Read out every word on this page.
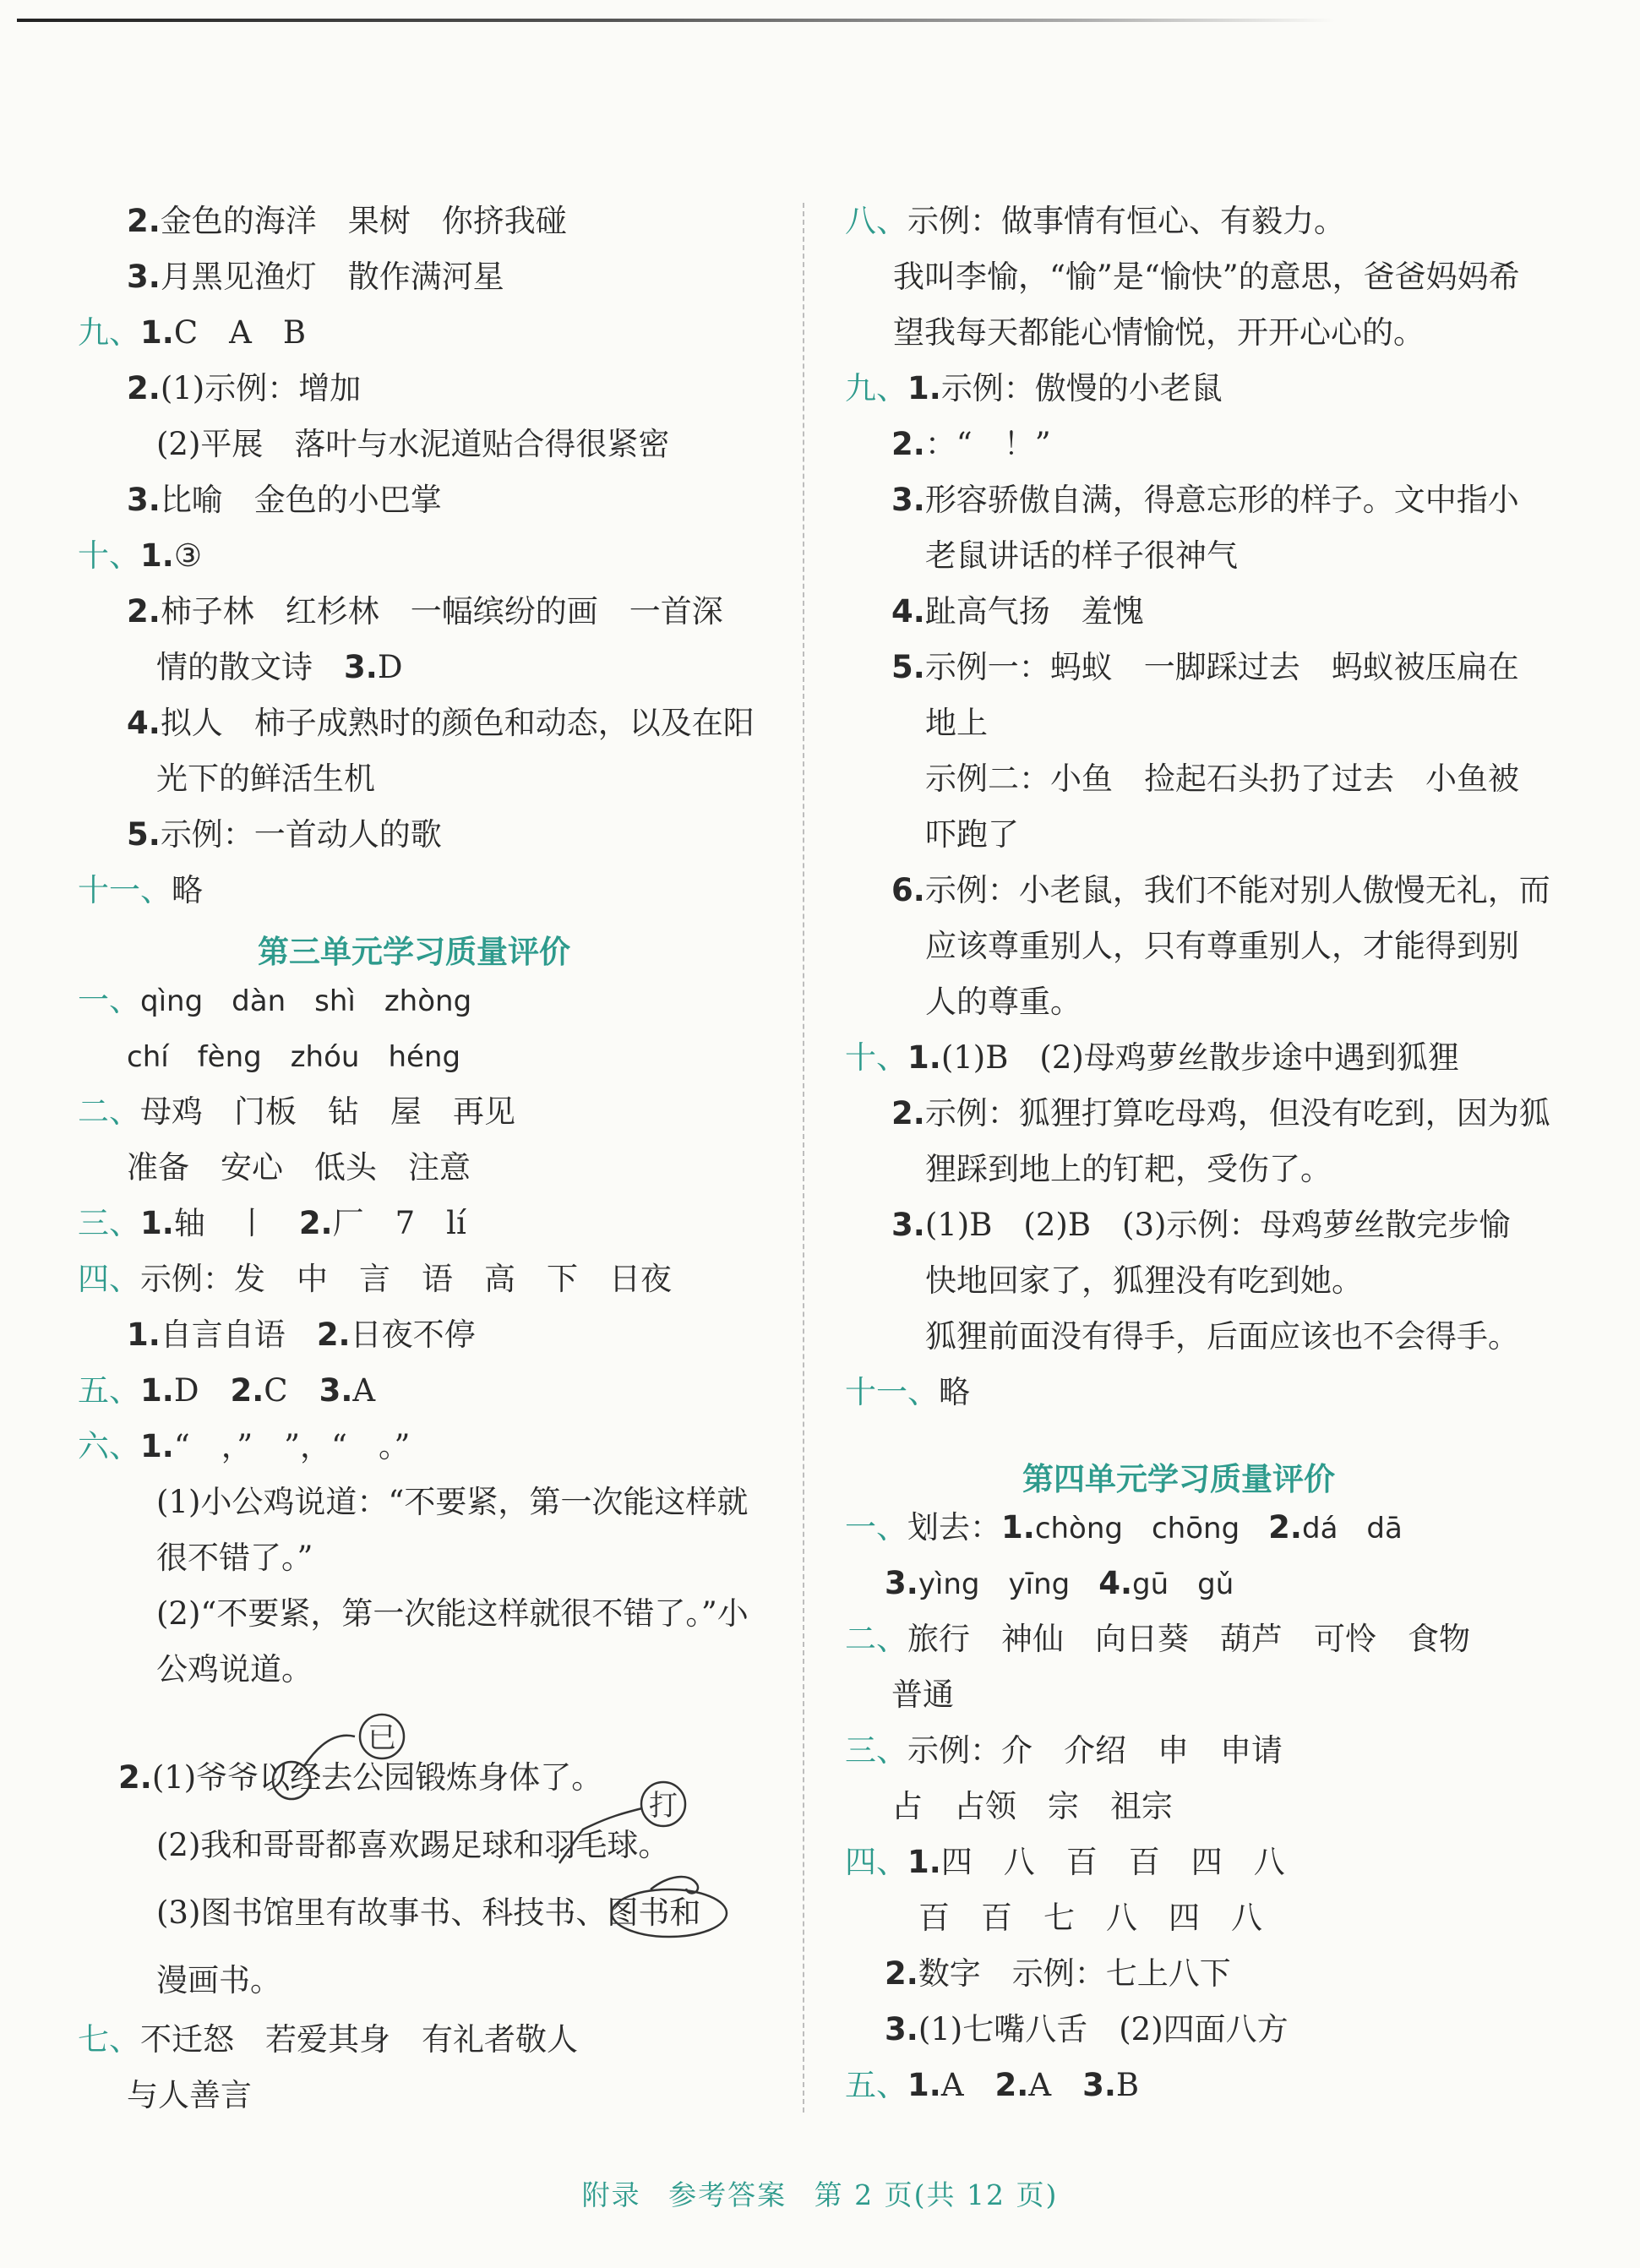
2.金色的海洋　果树　你挤我碰
3.月黑见渔灯　散作满河星
九、1.C　A　B
2.(1)示例：增加
(2)平展　落叶与水泥道贴合得很紧密
3.比喻　金色的小巴掌
十、1.③
2.柿子林　红杉林　一幅缤纷的画　一首深
情的散文诗　3.D
4.拟人　柿子成熟时的颜色和动态，以及在阳
光下的鲜活生机
5.示例：一首动人的歌
十一、略
第三单元学习质量评价
一、qìng　dàn　shì　zhòng
chí　fèng　zhóu　héng
二、母鸡　门板　钻　屋　再见
准备　安心　低头　注意
三、1.轴　丨　2.厂　7　lí
四、示例：发　中　言　语　高　下　日夜
1.自言自语　2.日夜不停
五、1.D　2.C　3.A
六、1.“　，”　”，“　。”
(1)小公鸡说道：“不要紧，第一次能这样就
很不错了。”
(2)“不要紧，第一次能这样就很不错了。”小
公鸡说道。
2.(1)爷爷以经去公园锻炼身体了。
(2)我和哥哥都喜欢踢足球和羽毛球。
(3)图书馆里有故事书、科技书、图书和
漫画书。
七、不迁怒　若爱其身　有礼者敬人
与人善言
已
打
八、示例：做事情有恒心、有毅力。
我叫李愉，“愉”是“愉快”的意思，爸爸妈妈希
望我每天都能心情愉悦，开开心心的。
九、1.示例：傲慢的小老鼠
2.：“　！”
3.形容骄傲自满，得意忘形的样子。文中指小
老鼠讲话的样子很神气
4.趾高气扬　羞愧
5.示例一：蚂蚁　一脚踩过去　蚂蚁被压扁在
地上
示例二：小鱼　捡起石头扔了过去　小鱼被
吓跑了
6.示例：小老鼠，我们不能对别人傲慢无礼，而
应该尊重别人，只有尊重别人，才能得到别
人的尊重。
十、1.(1)B　(2)母鸡萝丝散步途中遇到狐狸
2.示例：狐狸打算吃母鸡，但没有吃到，因为狐
狸踩到地上的钉耙，受伤了。
3.(1)B　(2)B　(3)示例：母鸡萝丝散完步愉
快地回家了，狐狸没有吃到她。
狐狸前面没有得手，后面应该也不会得手。
十一、略
第四单元学习质量评价
一、划去：1.chòng　chōng　2.dá　dā
3.yìng　yīng　4.gū　gǔ
二、旅行　神仙　向日葵　葫芦　可怜　食物
普通
三、示例：介　介绍　申　申请
占　占领　宗　祖宗
四、1.四　八　百　百　四　八
百　百　七　八　四　八
2.数字　示例：七上八下
3.(1)七嘴八舌　(2)四面八方
五、1.A　2.A　3.B
附录 参考答案 第 2 页(共 12 页)
